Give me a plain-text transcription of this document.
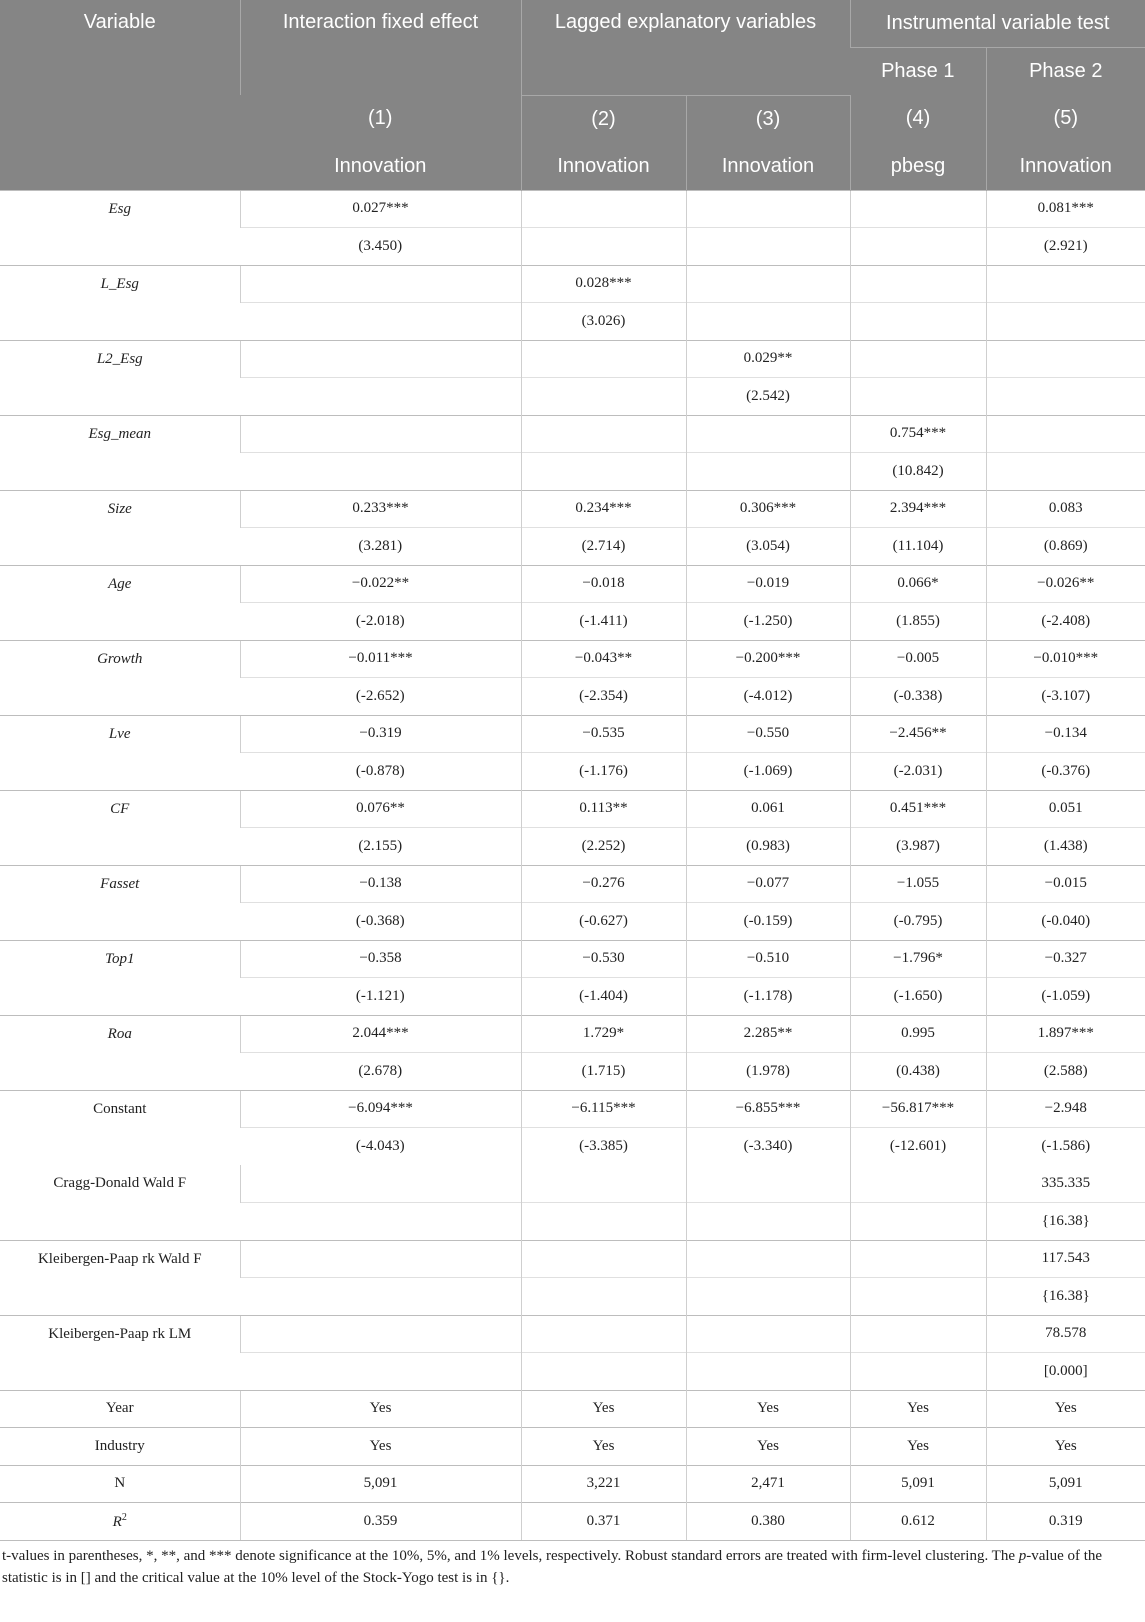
Variable	Interaction fixed effect	Lagged explanatory variables		Instrumental variable test	
				Phase 1	Phase 2
	(1)	(2)	(3)	(4)	(5)
	Innovation	Innovation	Innovation	pbesg	Innovation
Esg	0.027***				0.081***
	(3.450)				(2.921)
L_Esg		0.028***			
		(3.026)			
L2_Esg			0.029**		
			(2.542)		
Esg_mean				0.754***	
				(10.842)	
Size	0.233***	0.234***	0.306***	2.394***	0.083
	(3.281)	(2.714)	(3.054)	(11.104)	(0.869)
Age	−0.022**	−0.018	−0.019	0.066*	−0.026**
	(-2.018)	(-1.411)	(-1.250)	(1.855)	(-2.408)
Growth	−0.011***	−0.043**	−0.200***	−0.005	−0.010***
	(-2.652)	(-2.354)	(-4.012)	(-0.338)	(-3.107)
Lve	−0.319	−0.535	−0.550	−2.456**	−0.134
	(-0.878)	(-1.176)	(-1.069)	(-2.031)	(-0.376)
CF	0.076**	0.113**	0.061	0.451***	0.051
	(2.155)	(2.252)	(0.983)	(3.987)	(1.438)
Fasset	−0.138	−0.276	−0.077	−1.055	−0.015
	(-0.368)	(-0.627)	(-0.159)	(-0.795)	(-0.040)
Top1	−0.358	−0.530	−0.510	−1.796*	−0.327
	(-1.121)	(-1.404)	(-1.178)	(-1.650)	(-1.059)
Roa	2.044***	1.729*	2.285**	0.995	1.897***
	(2.678)	(1.715)	(1.978)	(0.438)	(2.588)
Constant	−6.094***	−6.115***	−6.855***	−56.817***	−2.948
	(-4.043)	(-3.385)	(-3.340)	(-12.601)	(-1.586)
Cragg-Donald Wald F					335.335
					{16.38}
Kleibergen-Paap rk Wald F					117.543
					{16.38}
Kleibergen-Paap rk LM					78.578
					[0.000]
Year	Yes	Yes	Yes	Yes	Yes
Industry	Yes	Yes	Yes	Yes	Yes
N	5,091	3,221	2,471	5,091	5,091
$R^2$	0.359	0.371	0.380	0.612	0.319
t-values in parentheses, *, **, and *** denote significance at the 10%, 5%, and 1% levels, respectively. Robust standard errors are treated with firm-level clustering. The p-value of the statistic is in [] and the critical value at the 10% level of the Stock-Yogo test is in {}.
